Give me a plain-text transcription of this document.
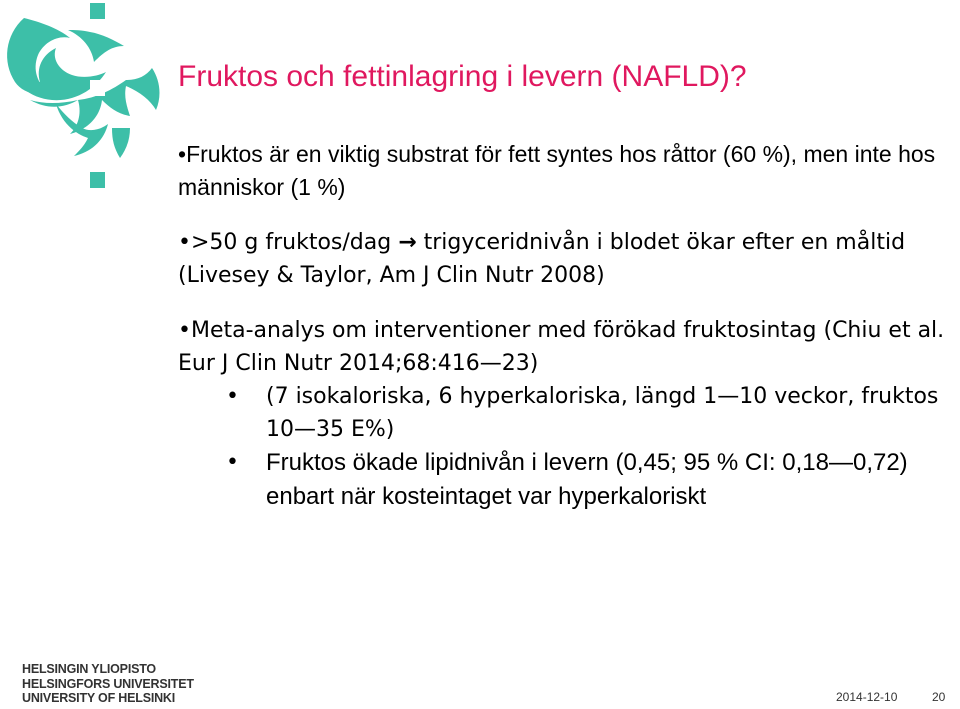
Fruktos och fettinlagring i levern (NAFLD)?
•Fruktos är en viktig substrat för fett syntes hos råttor (60 %), men inte hos människor (1 %)
•>50 g fruktos/dag → trigyceridnivån i blodet ökar efter en måltid (Livesey & Taylor, Am J Clin Nutr 2008)
•Meta-analys om interventioner med förökad fruktosintag (Chiu et al. Eur J Clin Nutr 2014;68:416—23)
• (7 isokaloriska, 6 hyperkaloriska, längd 1—10 veckor, fruktos 10—35 E%)
• Fruktos ökade lipidnivån i levern (0,45; 95 % CI: 0,18—0,72) enbart när kosteintaget var hyperkaloriskt
HELSINGIN YLIOPISTO
HELSINGFORS UNIVERSITET
UNIVERSITY OF HELSINKI	2014-12-10	20
